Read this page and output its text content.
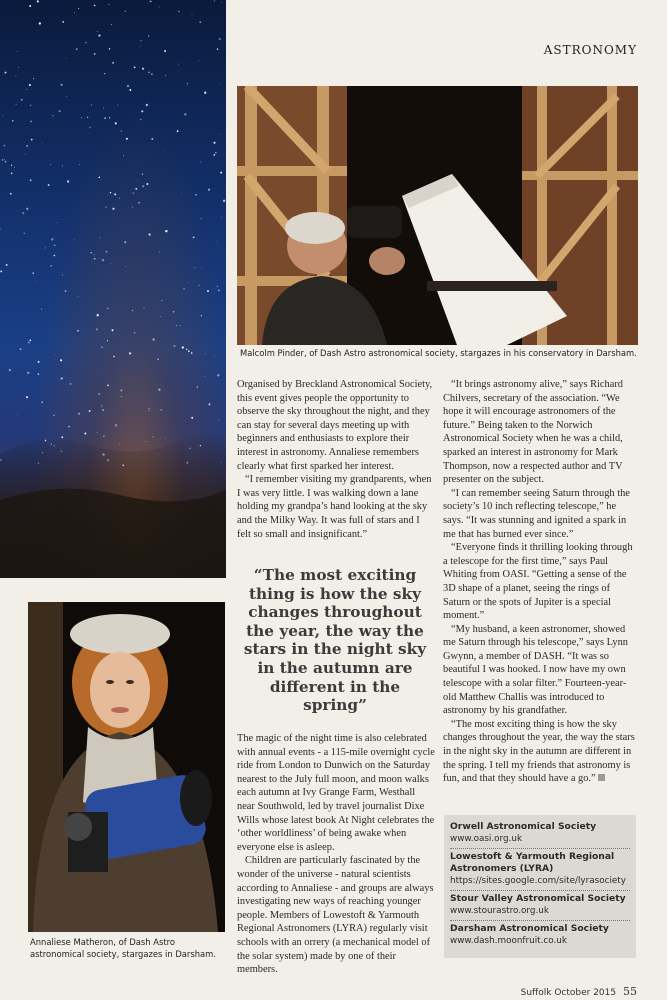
ASTRONOMY
Malcolm Pinder, of Dash Astro astronomical society, stargazes in his conservatory in Darsham.
Annaliese Matheron, of Dash Astro astronomical society, stargazes in Darsham.

Organised by Breckland Astronomical Society, this event gives people the opportunity to observe the sky throughout the night, and they can stay for several days meeting up with beginners and enthusiasts to explore their interest in astronomy. Annaliese remembers clearly what first sparked her interest.

“I remember visiting my grandparents, when I was very little. I was walking down a lane holding my grandpa’s hand looking at the sky and the Milky Way. It was full of stars and I felt so small and insignificant.”

“The most exciting thing is how the sky changes throughout the year, the way the stars in the night sky in the autumn are different in the spring”

The magic of the night time is also celebrated with annual events - a 115-mile overnight cycle ride from London to Dunwich on the Saturday nearest to the July full moon, and moon walks each autumn at Ivy Grange Farm, Westhall near Southwold, led by travel journalist Dixe Wills whose latest book At Night celebrates the ‘other worldliness’ of being awake when everyone else is asleep.

Children are particularly fascinated by the wonder of the universe - natural scientists according to Annaliese - and groups are always investigating new ways of reaching younger people. Members of Lowestoft & Yarmouth Regional Astronomers (LYRA) regularly visit schools with an orrery (a mechanical model of the solar system) made by one of their members.

“It brings astronomy alive,” says Richard Chilvers, secretary of the association. “We hope it will encourage astronomers of the future.” Being taken to the Norwich Astronomical Society when he was a child, sparked an interest in astronomy for Mark Thompson, now a respected author and TV presenter on the subject.

“I can remember seeing Saturn through the society’s 10 inch reflecting telescope,” he says. “It was stunning and ignited a spark in me that has burned ever since.”

“Everyone finds it thrilling looking through a telescope for the first time,” says Paul Whiting from OASI. “Getting a sense of the 3D shape of a planet, seeing the rings of Saturn or the spots of Jupiter is a special moment.”

“My husband, a keen astronomer, showed me Saturn through his telescope,” says Lynn Gwynn, a member of DASH. “It was so beautiful I was hooked. I now have my own telescope with a solar filter.” Fourteen-year-old Matthew Challis was introduced to astronomy by his grandfather.

“The most exciting thing is how the sky changes throughout the year, the way the stars in the night sky in the autumn are different in the spring. I tell my friends that astronomy is fun, and that they should have a go.”

Orwell Astronomical Society
www.oasi.org.uk
Lowestoft & Yarmouth Regional Astronomers (LYRA)
https://sites.google.com/site/lyrasociety
Stour Valley Astronomical Society
www.stourastro.org.uk
Darsham Astronomical Society
www.dash.moonfruit.co.uk
Suffolk October 2015 55
